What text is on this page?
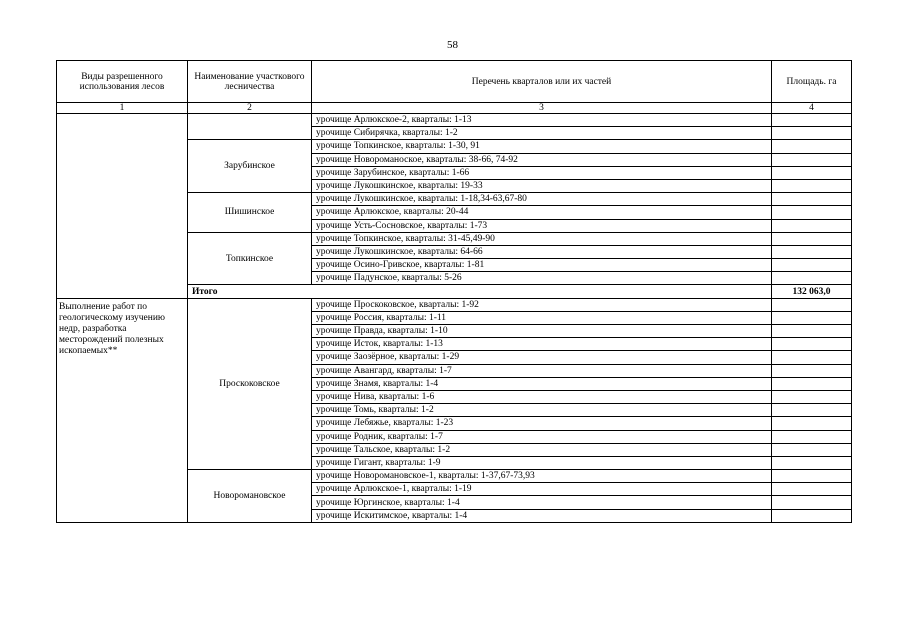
58
Виды разрешенного использования лесов	Наименование участкового лесничества	Перечень кварталов или их частей	Площадь. га
1	2	3	4
		урочище Арлюкское-2, кварталы: 1-13	
		урочище Сибирячка, кварталы: 1-2	
	Зарубинское	урочище Топкинское, кварталы: 1-30, 91	
		урочище Новороманоское, кварталы: 38-66, 74-92	
		урочище Зарубинское, кварталы: 1-66	
		урочище Лукошкинское, кварталы: 19-33	
	Шишинское	урочище Лукошкинское, кварталы: 1-18,34-63,67-80	
		урочище Арлюкское, кварталы: 20-44	
		урочище Усть-Сосновское, кварталы: 1-73	
	Топкинское	урочище Топкинское, кварталы: 31-45,49-90	
		урочище Лукошкинское, кварталы: 64-66	
		урочище Осино-Гривское, кварталы: 1-81	
		урочище Падунское, кварталы: 5-26	
	Итого		132 063,0
Выполнение работ по геологическому изучению недр, разработка месторождений полезных ископаемых**	Проскоковское	урочище Проскоковское, кварталы: 1-92	
		урочище Россия, кварталы: 1-11	
		урочище Правда, кварталы: 1-10	
		урочище Исток, кварталы: 1-13	
		урочище Заозёрное, кварталы: 1-29	
		урочище Авангард, кварталы: 1-7	
		урочище Знамя, кварталы: 1-4	
		урочище Нива, кварталы: 1-6	
		урочище Томь, кварталы: 1-2	
		урочище Лебяжье, кварталы: 1-23	
		урочище Родник, кварталы: 1-7	
		урочище Тальское, кварталы: 1-2	
		урочище Гигант, кварталы: 1-9	
	Новоромановское	урочище Новоромановское-1, кварталы: 1-37,67-73,93	
		урочище Арлюкское-1, кварталы: 1-19	
		урочище Юргинское, кварталы: 1-4	
		урочище Искитимское, кварталы: 1-4	
